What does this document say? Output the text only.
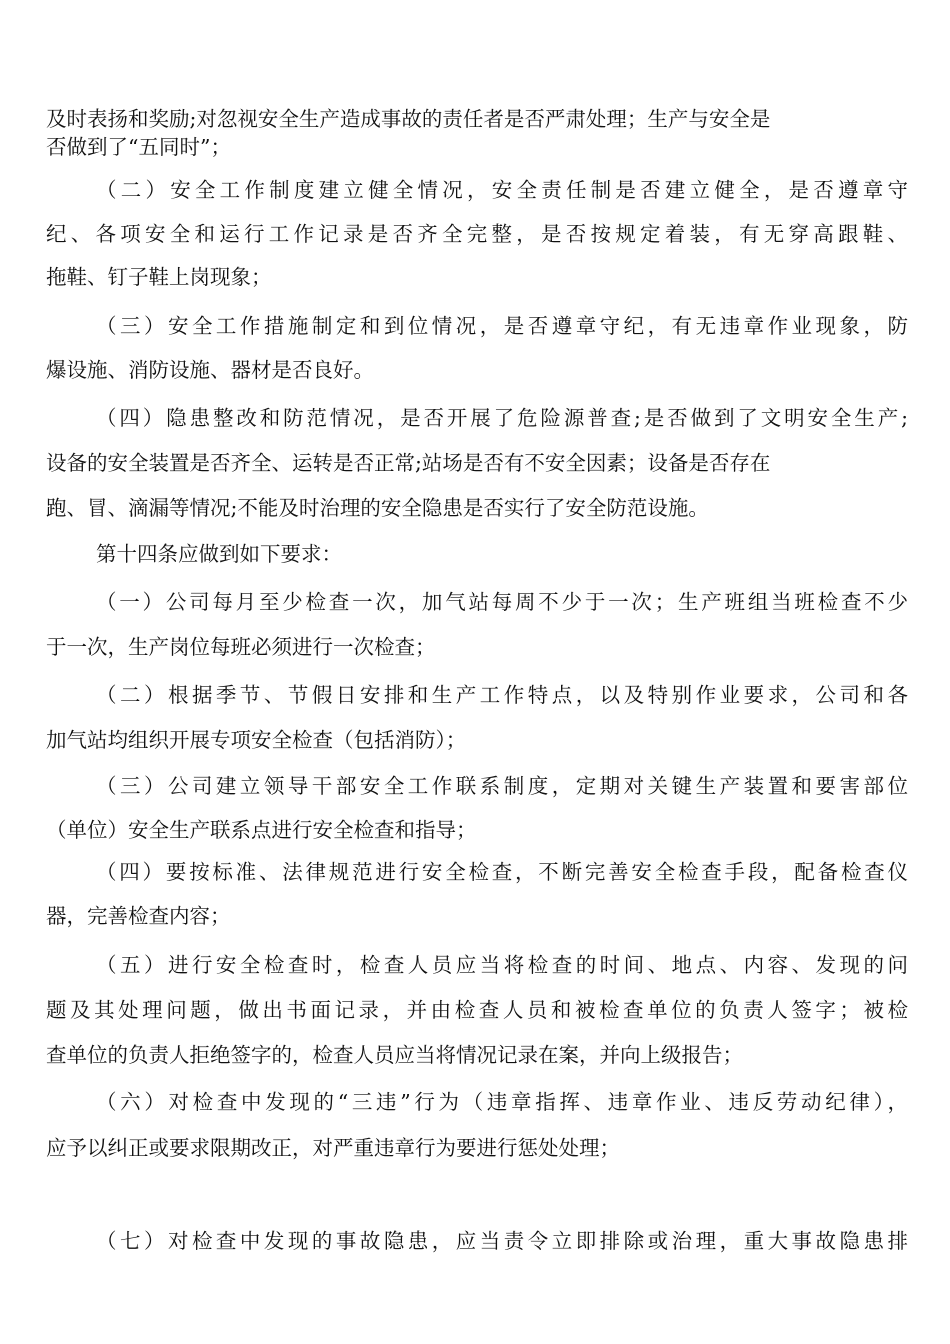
及时表扬和奖励;对忽视安全生产造成事故的责任者是否严肃处理；生产与安全是
否做到了“五同时”；
（二）安全工作制度建立健全情况，安全责任制是否建立健全，是否遵章守
纪、各项安全和运行工作记录是否齐全完整，是否按规定着装，有无穿高跟鞋、
拖鞋、钉子鞋上岗现象；
（三）安全工作措施制定和到位情况，是否遵章守纪，有无违章作业现象，防
爆设施、消防设施、器材是否良好。
（四）隐患整改和防范情况，是否开展了危险源普查;是否做到了文明安全生产;
设备的安全装置是否齐全、运转是否正常;站场是否有不安全因素；设备是否存在
跑、冒、滴漏等情况;不能及时治理的安全隐患是否实行了安全防范设施。
第十四条应做到如下要求：
（一）公司每月至少检查一次，加气站每周不少于一次；生产班组当班检查不少
于一次，生产岗位每班必须进行一次检查；
（二）根据季节、节假日安排和生产工作特点，以及特别作业要求，公司和各
加气站均组织开展专项安全检查（包括消防）；
（三）公司建立领导干部安全工作联系制度，定期对关键生产装置和要害部位
（单位）安全生产联系点进行安全检查和指导；
（四）要按标准、法律规范进行安全检查，不断完善安全检查手段，配备检查仪
器，完善检查内容；
（五）进行安全检查时，检查人员应当将检查的时间、地点、内容、发现的问
题及其处理问题，做出书面记录，并由检查人员和被检查单位的负责人签字；被检
查单位的负责人拒绝签字的，检查人员应当将情况记录在案，并向上级报告；
（六）对检查中发现的“三违”行为（违章指挥、违章作业、违反劳动纪律），
应予以纠正或要求限期改正，对严重违章行为要进行惩处处理；
（七）对检查中发现的事故隐患，应当责令立即排除或治理，重大事故隐患排
